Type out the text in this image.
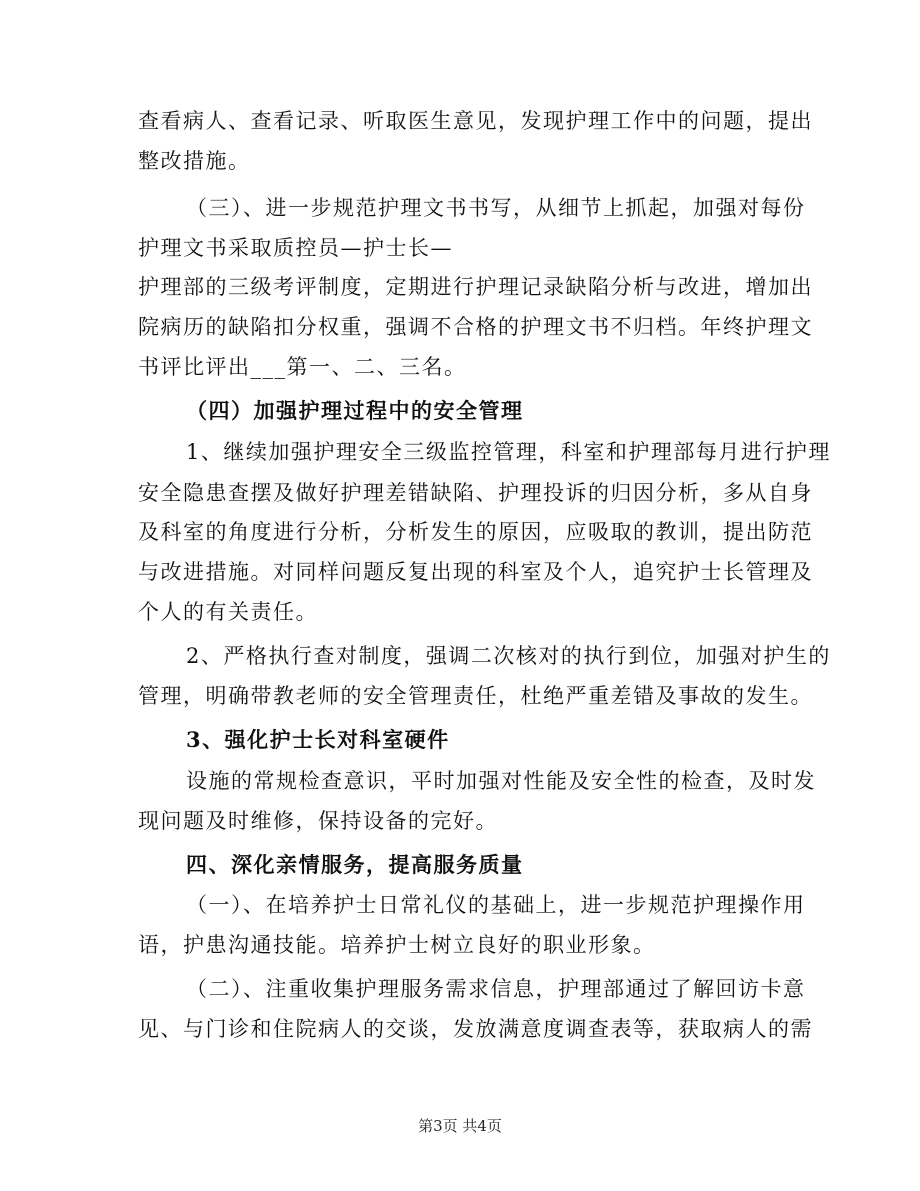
查看病人、查看记录、听取医生意见，发现护理工作中的问题，提出
整改措施。
（三）、进一步规范护理文书书写，从细节上抓起，加强对每份
护理文书采取质控员—护士长—
护理部的三级考评制度，定期进行护理记录缺陷分析与改进，增加出
院病历的缺陷扣分权重，强调不合格的护理文书不归档。年终护理文
书评比评出___第一、二、三名。
（四）加强护理过程中的安全管理
1、继续加强护理安全三级监控管理，科室和护理部每月进行护理
安全隐患查摆及做好护理差错缺陷、护理投诉的归因分析，多从自身
及科室的角度进行分析，分析发生的原因，应吸取的教训，提出防范
与改进措施。对同样问题反复出现的科室及个人，追究护士长管理及
个人的有关责任。
2、严格执行查对制度，强调二次核对的执行到位，加强对护生的
管理，明确带教老师的安全管理责任，杜绝严重差错及事故的发生。
3、强化护士长对科室硬件
设施的常规检查意识，平时加强对性能及安全性的检查，及时发
现问题及时维修，保持设备的完好。
四、深化亲情服务，提高服务质量
（一）、在培养护士日常礼仪的基础上，进一步规范护理操作用
语，护患沟通技能。培养护士树立良好的职业形象。
（二）、注重收集护理服务需求信息，护理部通过了解回访卡意
见、与门诊和住院病人的交谈，发放满意度调查表等，获取病人的需
第3页 共4页
